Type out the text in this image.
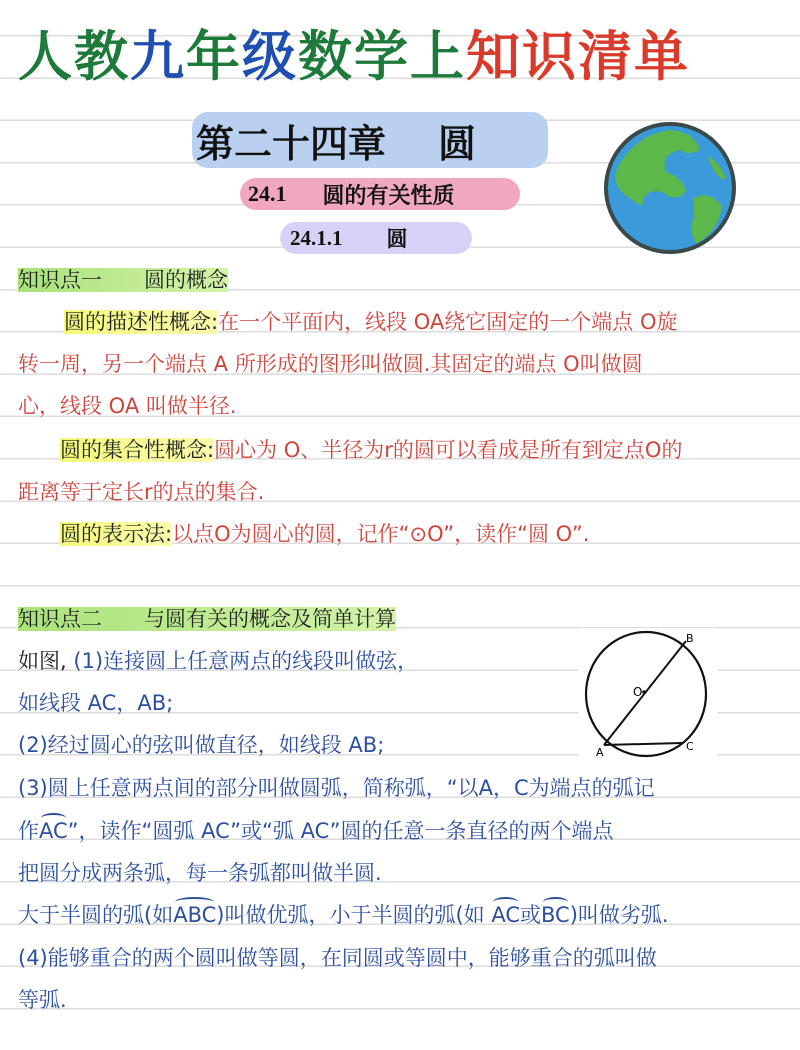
人教九年级数学上知识清单
第二十四章 圆
24.1 圆的有关性质
24.1.1 圆
知识点一　　圆的概念
圆的描述性概念:在一个平面内，线段 OA绕它固定的一个端点 O旋
转一周，另一个端点 A 所形成的图形叫做圆.其固定的端点 O叫做圆
心，线段 OA 叫做半径.
圆的集合性概念:圆心为 O、半径为r的圆可以看成是所有到定点O的
距离等于定长r的点的集合.
圆的表示法:以点O为圆心的圆，记作“⊙O”，读作“圆 O”.
知识点二　　与圆有关的概念及简单计算
如图, (1)连接圆上任意两点的线段叫做弦，
如线段 AC，AB;
(2)经过圆心的弦叫做直径，如线段 AB;
(3)圆上任意两点间的部分叫做圆弧，简称弧，“以A，C为端点的弧记
作AC”，读作“圆弧 AC”或“弧 AC”圆的任意一条直径的两个端点
把圆分成两条弧，每一条弧都叫做半圆.
大于半圆的弧(如ABC)叫做优弧，小于半圆的弧(如 AC或BC)叫做劣弧.
(4)能够重合的两个圆叫做等圆，在同圆或等圆中，能够重合的弧叫做
等弧.
B
A	C
O
